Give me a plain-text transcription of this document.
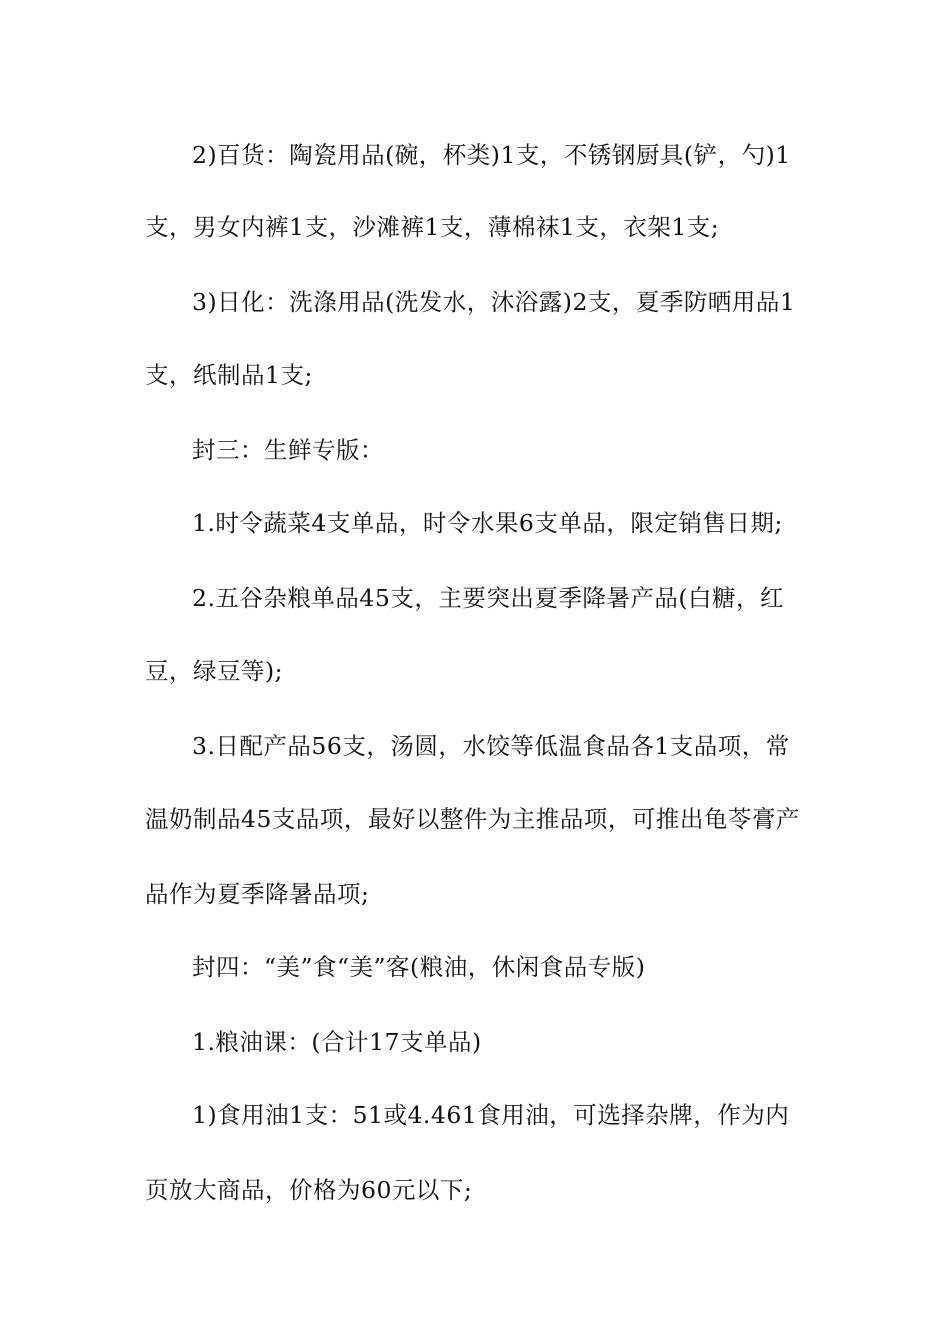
2)百货：陶瓷用品(碗，杯类)1支，不锈钢厨具(铲，勺)1
支，男女内裤1支，沙滩裤1支，薄棉袜1支，衣架1支;
3)日化：洗涤用品(洗发水，沐浴露)2支，夏季防晒用品1
支，纸制品1支;
封三：生鲜专版：
1.时令蔬菜4支单品，时令水果6支单品，限定销售日期;
2.五谷杂粮单品45支，主要突出夏季降暑产品(白糖，红
豆，绿豆等);
3.日配产品56支，汤圆，水饺等低温食品各1支品项，常
温奶制品45支品项，最好以整件为主推品项，可推出龟苓膏产
品作为夏季降暑品项;
封四：“美”食“美”客(粮油，休闲食品专版)
1.粮油课：(合计17支单品)
1)食用油1支：51或4.461食用油，可选择杂牌，作为内
页放大商品，价格为60元以下;
